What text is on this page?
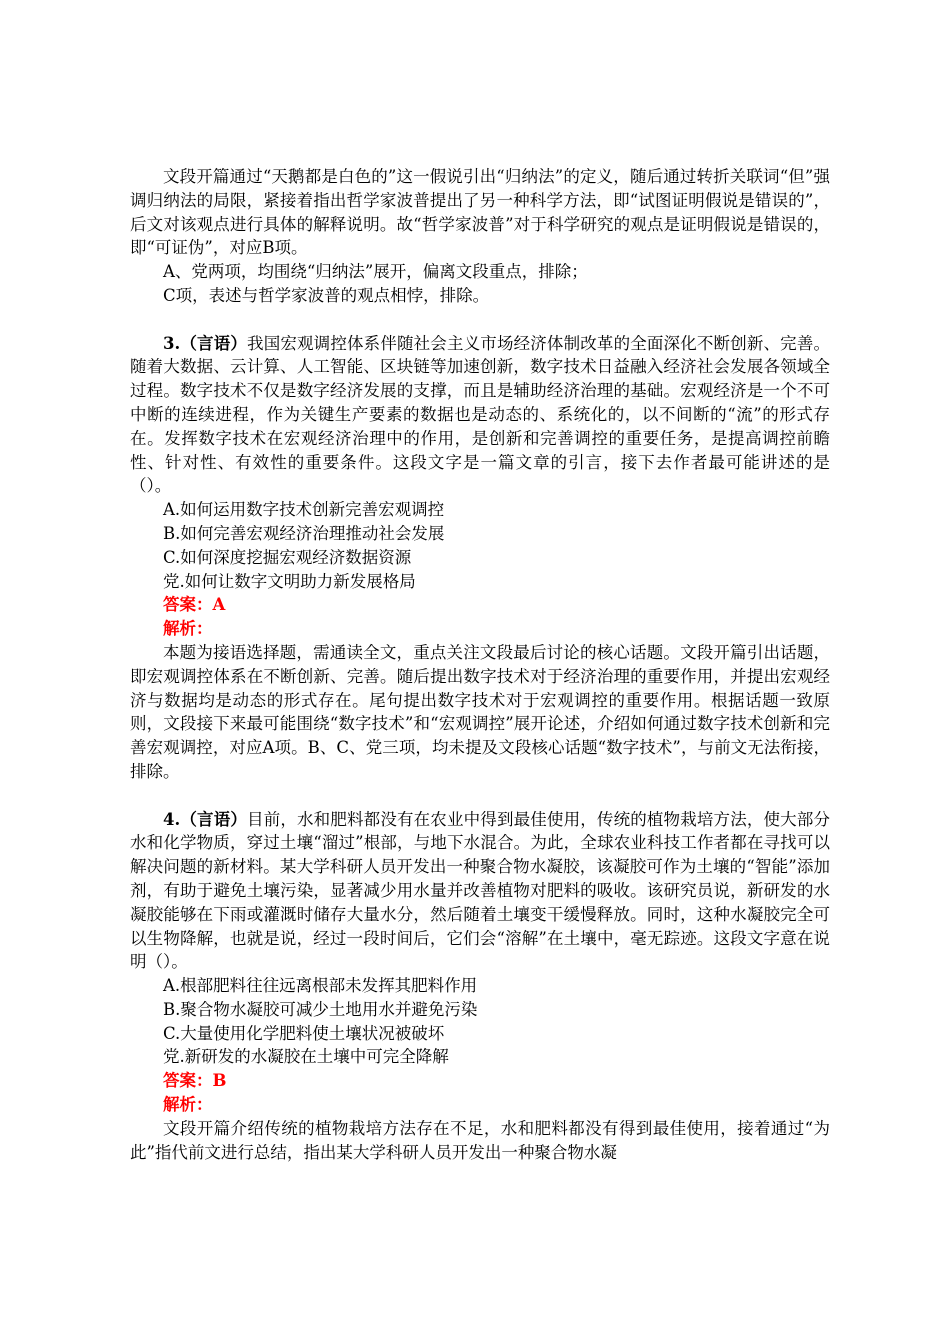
文段开篇通过“天鹅都是白色的”这一假说引出“归纳法”的定义，随后通过转折关联词“但”强调归纳法的局限，紧接着指出哲学家波普提出了另一种科学方法，即“试图证明假说是错误的”，后文对该观点进行具体的解释说明。故“哲学家波普”对于科学研究的观点是证明假说是错误的，即“可证伪”，对应B项。

A、党两项，均围绕“归纳法”展开，偏离文段重点，排除；

C项，表述与哲学家波普的观点相悖，排除。

3.（言语）我国宏观调控体系伴随社会主义市场经济体制改革的全面深化不断创新、完善。随着大数据、云计算、人工智能、区块链等加速创新，数字技术日益融入经济社会发展各领域全过程。数字技术不仅是数字经济发展的支撑，而且是辅助经济治理的基础。宏观经济是一个不可中断的连续进程，作为关键生产要素的数据也是动态的、系统化的，以不间断的“流”的形式存在。发挥数字技术在宏观经济治理中的作用，是创新和完善调控的重要任务，是提高调控前瞻性、针对性、有效性的重要条件。这段文字是一篇文章的引言，接下去作者最可能讲述的是（）。

A.如何运用数字技术创新完善宏观调控

B.如何完善宏观经济治理推动社会发展

C.如何深度挖掘宏观经济数据资源

党.如何让数字文明助力新发展格局

答案：A

解析：

本题为接语选择题，需通读全文，重点关注文段最后讨论的核心话题。文段开篇引出话题，即宏观调控体系在不断创新、完善。随后提出数字技术对于经济治理的重要作用，并提出宏观经济与数据均是动态的形式存在。尾句提出数字技术对于宏观调控的重要作用。根据话题一致原则，文段接下来最可能围绕“数字技术”和“宏观调控”展开论述，介绍如何通过数字技术创新和完善宏观调控，对应A项。B、C、党三项，均未提及文段核心话题“数字技术”，与前文无法衔接，排除。

4.（言语）目前，水和肥料都没有在农业中得到最佳使用，传统的植物栽培方法，使大部分水和化学物质，穿过土壤“溜过”根部，与地下水混合。为此，全球农业科技工作者都在寻找可以解决问题的新材料。某大学科研人员开发出一种聚合物水凝胶，该凝胶可作为土壤的“智能”添加剂，有助于避免土壤污染，显著减少用水量并改善植物对肥料的吸收。该研究员说，新研发的水凝胶能够在下雨或灌溉时储存大量水分，然后随着土壤变干缓慢释放。同时，这种水凝胶完全可以生物降解，也就是说，经过一段时间后，它们会“溶解”在土壤中，毫无踪迹。这段文字意在说明（）。

A.根部肥料往往远离根部未发挥其肥料作用

B.聚合物水凝胶可减少土地用水并避免污染

C.大量使用化学肥料使土壤状况被破坏

党.新研发的水凝胶在土壤中可完全降解

答案：B

解析：

文段开篇介绍传统的植物栽培方法存在不足，水和肥料都没有得到最佳使用，接着通过“为此”指代前文进行总结，指出某大学科研人员开发出一种聚合物水凝
